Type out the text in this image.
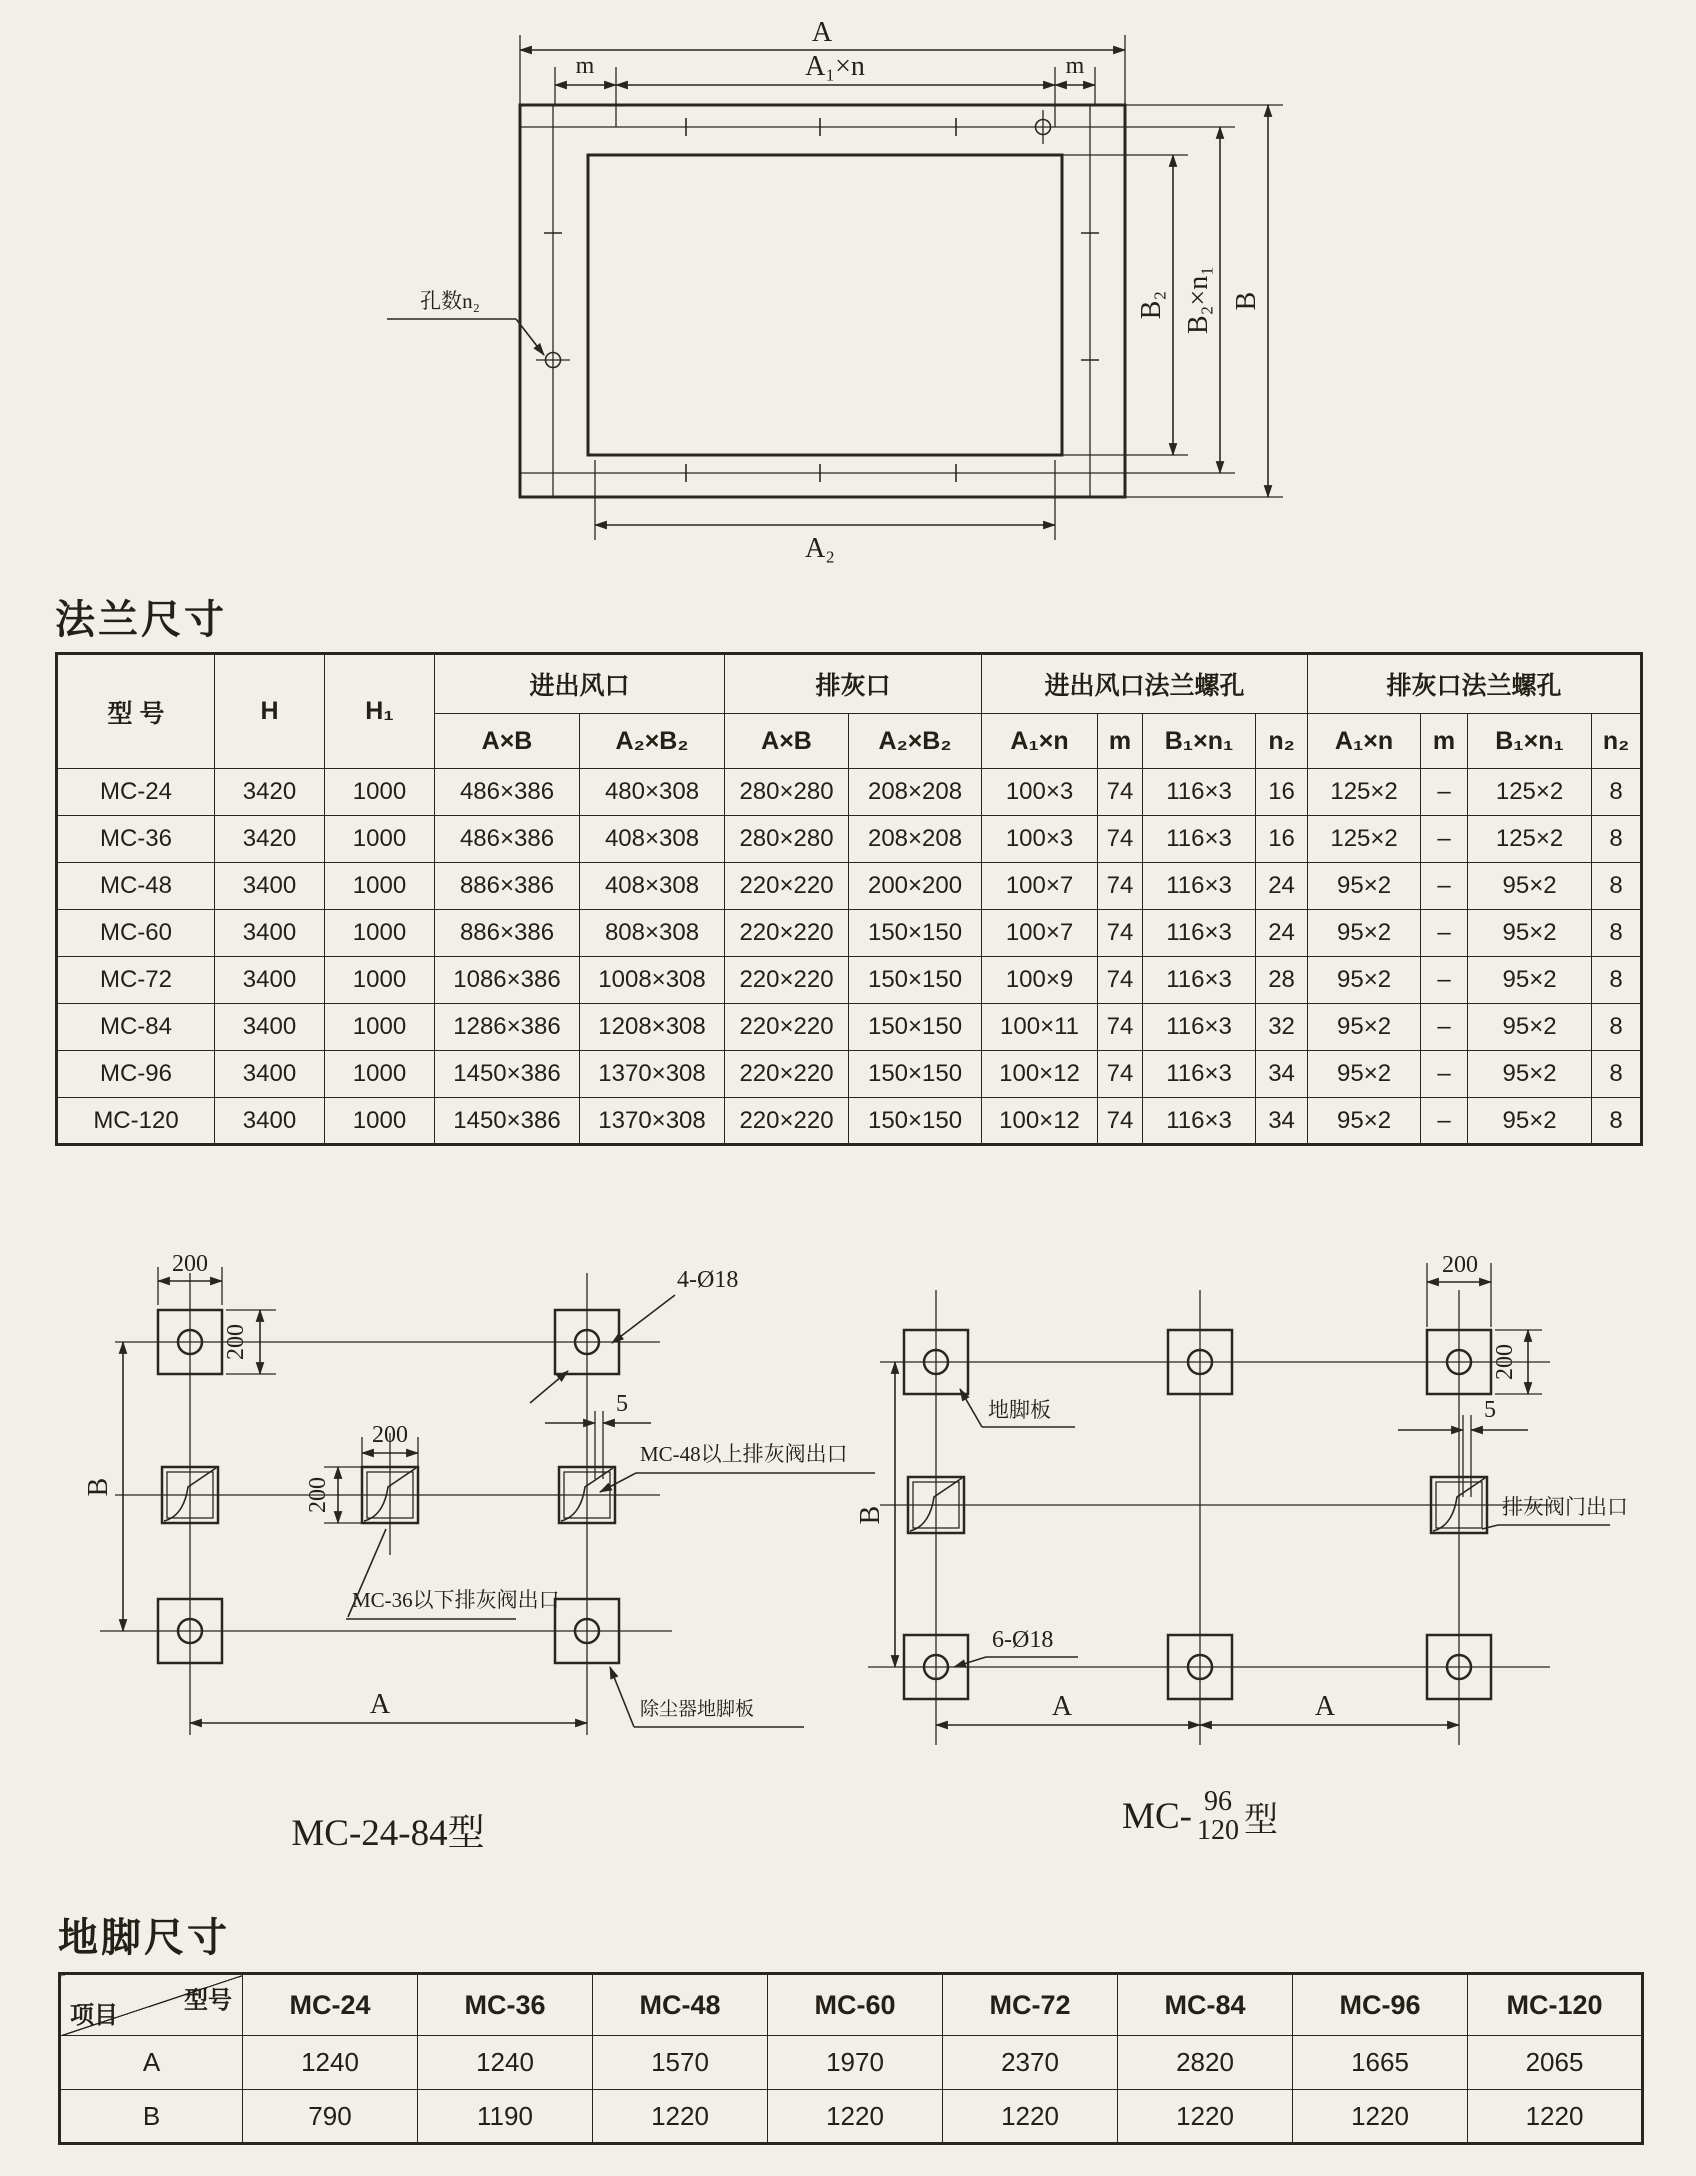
A
m	A₁×n	m
B₂ B₂×n₁ B
A₂
孔数n₂
法兰尺寸
型 号	H	H₁	进出风口		排灰口		进出风口法兰螺孔				排灰口法兰螺孔			
			A×B	A₂×B₂	A×B	A₂×B₂	A₁×n	m	B₁×n₁	n₂	A₁×n	m	B₁×n₁	n₂
MC-24	3420	1000	486×386	480×308	280×280	208×208	100×3	74	116×3	16	125×2	–	125×2	8
MC-36	3420	1000	486×386	408×308	280×280	208×208	100×3	74	116×3	16	125×2	–	125×2	8
MC-48	3400	1000	886×386	408×308	220×220	200×200	100×7	74	116×3	24	95×2	–	95×2	8
MC-60	3400	1000	886×386	808×308	220×220	150×150	100×7	74	116×3	24	95×2	–	95×2	8
MC-72	3400	1000	1086×386	1008×308	220×220	150×150	100×9	74	116×3	28	95×2	–	95×2	8
MC-84	3400	1000	1286×386	1208×308	220×220	150×150	100×11	74	116×3	32	95×2	–	95×2	8
MC-96	3400	1000	1450×386	1370×308	220×220	150×150	100×12	74	116×3	34	95×2	–	95×2	8
MC-120	3400	1000	1450×386	1370×308	220×220	150×150	100×12	74	116×3	34	95×2	–	95×2	8
200
200
B
200
200
5
4-Ø18
MC-48以上排灰阀出口
MC-36以下排灰阀出口
A	除尘器地脚板
MC-24-84型
地脚板
B
200
200
5
排灰阀门出口
6-Ø18
A	A
MC- 96
120 型
地脚尺寸
型号
项目	MC-24	MC-36	MC-48	MC-60	MC-72	MC-84	MC-96	MC-120
A	1240	1240	1570	1970	2370	2820	1665	2065
B	790	1190	1220	1220	1220	1220	1220	1220
